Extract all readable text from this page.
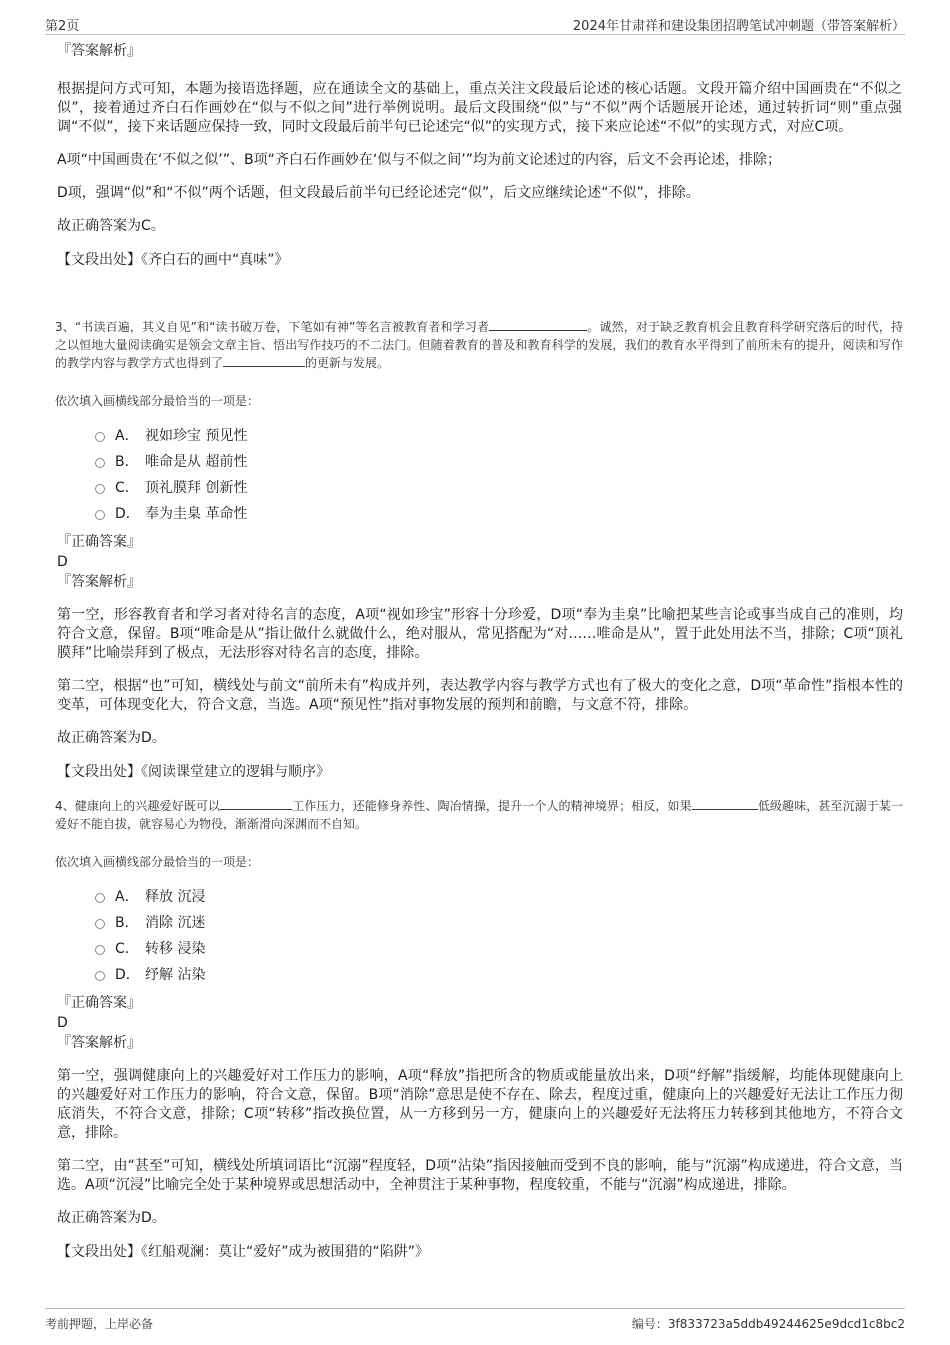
第2页	2024年甘肃祥和建设集团招聘笔试冲刺题（带答案解析）

『答案解析』

根据提问方式可知，本题为接语选择题，应在通读全文的基础上，重点关注文段最后论述的核心话题。文段开篇介绍中国画贵在“不似之似”，接着通过齐白石作画妙在“似与不似之间”进行举例说明。最后文段围绕“似”与“不似”两个话题展开论述，通过转折词“则”重点强调“不似”，接下来话题应保持一致，同时文段最后前半句已论述完“似”的实现方式，接下来应论述“不似”的实现方式，对应C项。

A项“中国画贵在‘不似之似’”、B项“齐白石作画妙在‘似与不似之间’”均为前文论述过的内容，后文不会再论述，排除；

D项，强调“似”和“不似”两个话题，但文段最后前半句已经论述完“似”，后文应继续论述“不似”，排除。

故正确答案为C。

【文段出处】《齐白石的画中“真味”》

3、“书读百遍，其义自见”和“读书破万卷，下笔如有神”等名言被教育者和学习者	。诚然，对于缺乏教育机会且教育科学研究落后的时代，持之以恒地大量阅读确实是领会文章主旨、悟出写作技巧的不二法门。但随着教育的普及和教育科学的发展，我们的教育水平得到了前所未有的提升，阅读和写作的教学内容与教学方式也得到了	的更新与发展。

依次填入画横线部分最恰当的一项是：

A． 视如珍宝 预见性
B． 唯命是从 超前性
C． 顶礼膜拜 创新性
D． 奉为圭臬 革命性

『正确答案』

D

『答案解析』

第一空，形容教育者和学习者对待名言的态度，A项“视如珍宝”形容十分珍爱，D项“奉为圭臬”比喻把某些言论或事当成自己的准则，均符合文意，保留。B项“唯命是从”指让做什么就做什么，绝对服从，常见搭配为“对……唯命是从”，置于此处用法不当，排除；C项“顶礼膜拜”比喻崇拜到了极点，无法形容对待名言的态度，排除。

第二空，根据“也”可知，横线处与前文“前所未有”构成并列，表达教学内容与教学方式也有了极大的变化之意，D项“革命性”指根本性的变革，可体现变化大，符合文意，当选。A项“预见性”指对事物发展的预判和前瞻，与文意不符，排除。

故正确答案为D。

【文段出处】《阅读课堂建立的逻辑与顺序》

4、健康向上的兴趣爱好既可以	工作压力，还能修身养性、陶冶情操，提升一个人的精神境界；相反，如果	低级趣味，甚至沉溺于某一爱好不能自拔，就容易心为物役，渐渐滑向深渊而不自知。

依次填入画横线部分最恰当的一项是：

A． 释放 沉浸
B． 消除 沉迷
C． 转移 浸染
D． 纾解 沾染

『正确答案』

D

『答案解析』

第一空，强调健康向上的兴趣爱好对工作压力的影响，A项“释放”指把所含的物质或能量放出来，D项“纾解”指缓解，均能体现健康向上的兴趣爱好对工作压力的影响，符合文意，保留。B项“消除”意思是使不存在、除去，程度过重，健康向上的兴趣爱好无法让工作压力彻底消失，不符合文意，排除；C项“转移”指改换位置，从一方移到另一方，健康向上的兴趣爱好无法将压力转移到其他地方，不符合文意，排除。

第二空，由“甚至”可知，横线处所填词语比“沉溺”程度轻，D项“沾染”指因接触而受到不良的影响，能与“沉溺”构成递进，符合文意，当选。A项“沉浸”比喻完全处于某种境界或思想活动中，全神贯注于某种事物，程度较重，不能与“沉溺”构成递进，排除。

故正确答案为D。

【文段出处】《红船观澜：莫让“爱好”成为被围猎的“陷阱”》

考前押题，上岸必备	编号：3f833723a5ddb49244625e9dcd1c8bc2
